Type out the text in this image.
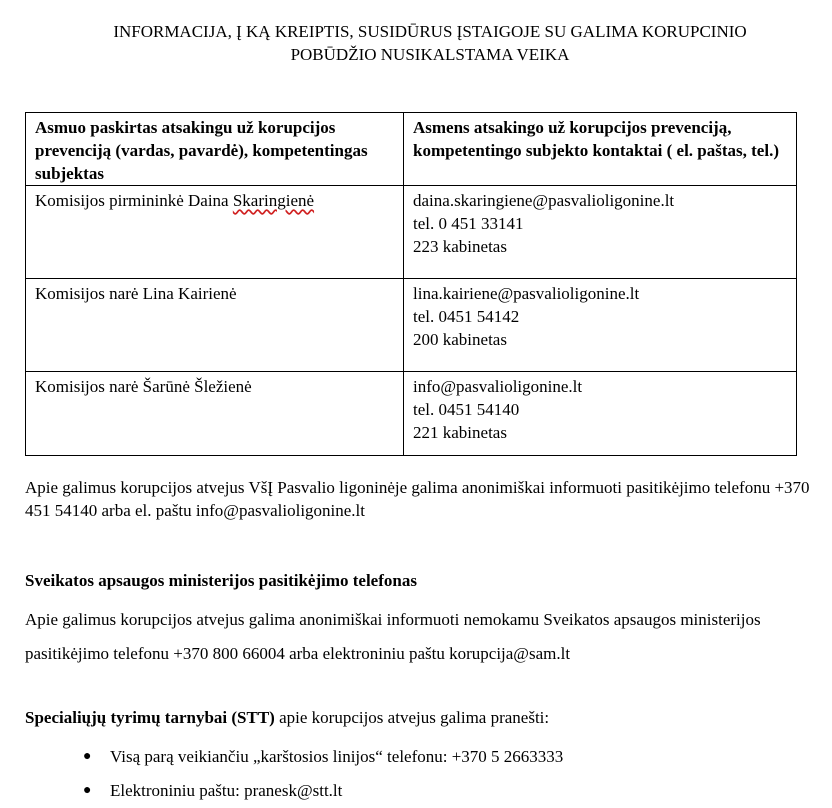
INFORMACIJA, Į KĄ KREIPTIS, SUSIDŪRUS ĮSTAIGOJE SU GALIMA KORUPCINIO
POBŪDŽIO NUSIKALSTAMA VEIKA
Asmuo paskirtas atsakingu už korupcijos prevenciją (vardas, pavardė), kompetentingas subjektas	Asmens atsakingo už korupcijos prevenciją, kompetentingo subjekto kontaktai ( el. paštas, tel.)
Komisijos pirmininkė Daina Skaringienė	daina.skaringiene@pasvalioligonine.lt
tel. 0 451 33141
223 kabinetas

Komisijos narė Lina Kairienė	lina.kairiene@pasvalioligonine.lt
tel. 0451 54142
200 kabinetas

Komisijos narė Šarūnė Šležienė	info@pasvalioligonine.lt
tel. 0451 54140
221 kabinetas
Apie galimus korupcijos atvejus VšĮ Pasvalio ligoninėje galima anonimiškai informuoti pasitikėjimo telefonu +370 451 54140 arba el. paštu info@pasvalioligonine.lt
Sveikatos apsaugos ministerijos pasitikėjimo telefonas
Apie galimus korupcijos atvejus galima anonimiškai informuoti nemokamu Sveikatos apsaugos ministerijos pasitikėjimo telefonu +370 800 66004 arba elektroniniu paštu korupcija@sam.lt
Specialiųjų tyrimų tarnybai (STT) apie korupcijos atvejus galima pranešti:
● Visą parą veikiančiu „karštosios linijos“ telefonu: +370 5 2663333
● Elektroniniu paštu: pranesk@stt.lt
